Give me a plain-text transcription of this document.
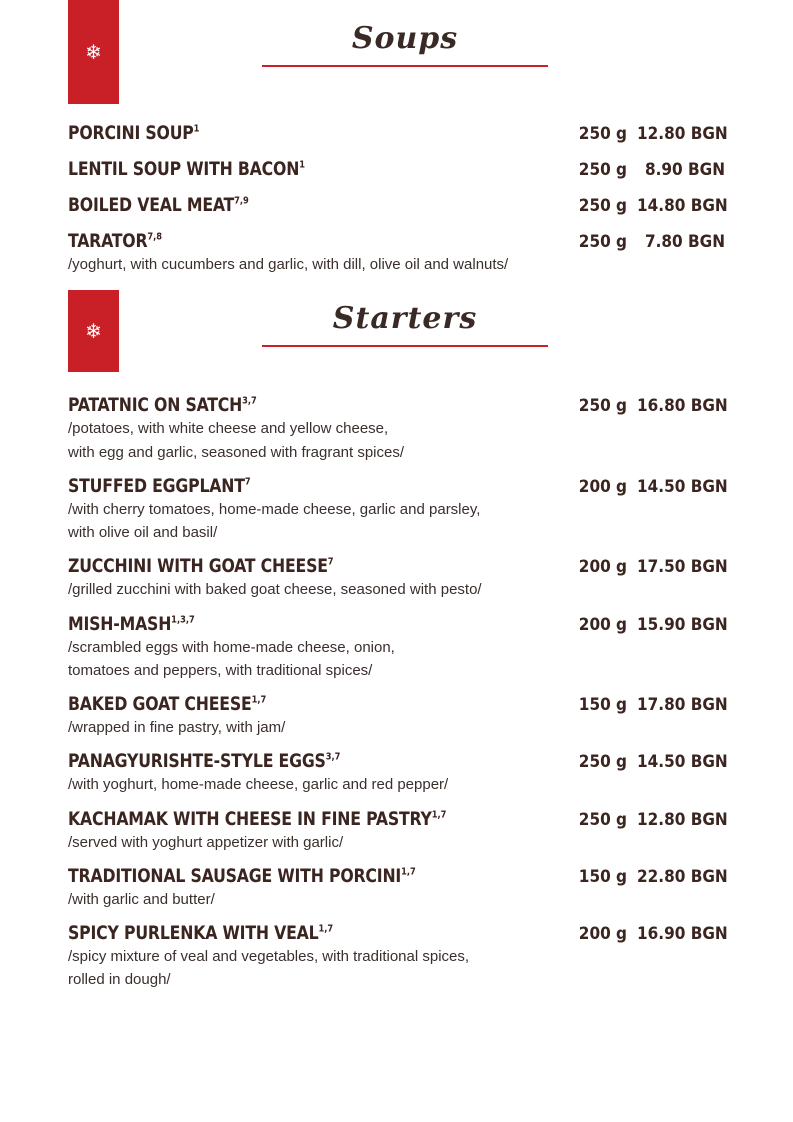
❄	Soups
PORCINI SOUP$^1$	250 g 12.80 BGN
LENTIL SOUP WITH BACON$^1$	250 g	8.90 BGN
BOILED VEAL MEAT$^{7,9}$	250 g 14.80 BGN
TARATOR$^{7,8}$	250 g	7.80 BGN
/yoghurt, with cucumbers and garlic, with dill, olive oil and walnuts/
❄	Starters
PATATNIC ON SATCH$^{3,7}$	250 g 16.80 BGN
/potatoes, with white cheese and yellow cheese,
with egg and garlic, seasoned with fragrant spices/
STUFFED EGGPLANT$^7$	200 g 14.50 BGN
/with cherry tomatoes, home-made cheese, garlic and parsley,
with olive oil and basil/
ZUCCHINI WITH GOAT CHEESE$^7$	200 g 17.50 BGN
/grilled zucchini with baked goat cheese, seasoned with pesto/
MISH-MASH$^{1,3,7}$	200 g 15.90 BGN
/scrambled eggs with home-made cheese, onion,
tomatoes and peppers, with traditional spices/
BAKED GOAT CHEESE$^{1,7}$	150 g 17.80 BGN
/wrapped in fine pastry, with jam/
PANAGYURISHTE-STYLE EGGS$^{3,7}$	250 g 14.50 BGN
/with yoghurt, home-made cheese, garlic and red pepper/
KACHAMAK WITH CHEESE IN FINE PASTRY$^{1,7}$	250 g 12.80 BGN
/served with yoghurt appetizer with garlic/
TRADITIONAL SAUSAGE WITH PORCINI$^{1,7}$	150 g 22.80 BGN
/with garlic and butter/
SPICY PURLENKA WITH VEAL$^{1,7}$	200 g 16.90 BGN
/spicy mixture of veal and vegetables, with traditional spices,
rolled in dough/
